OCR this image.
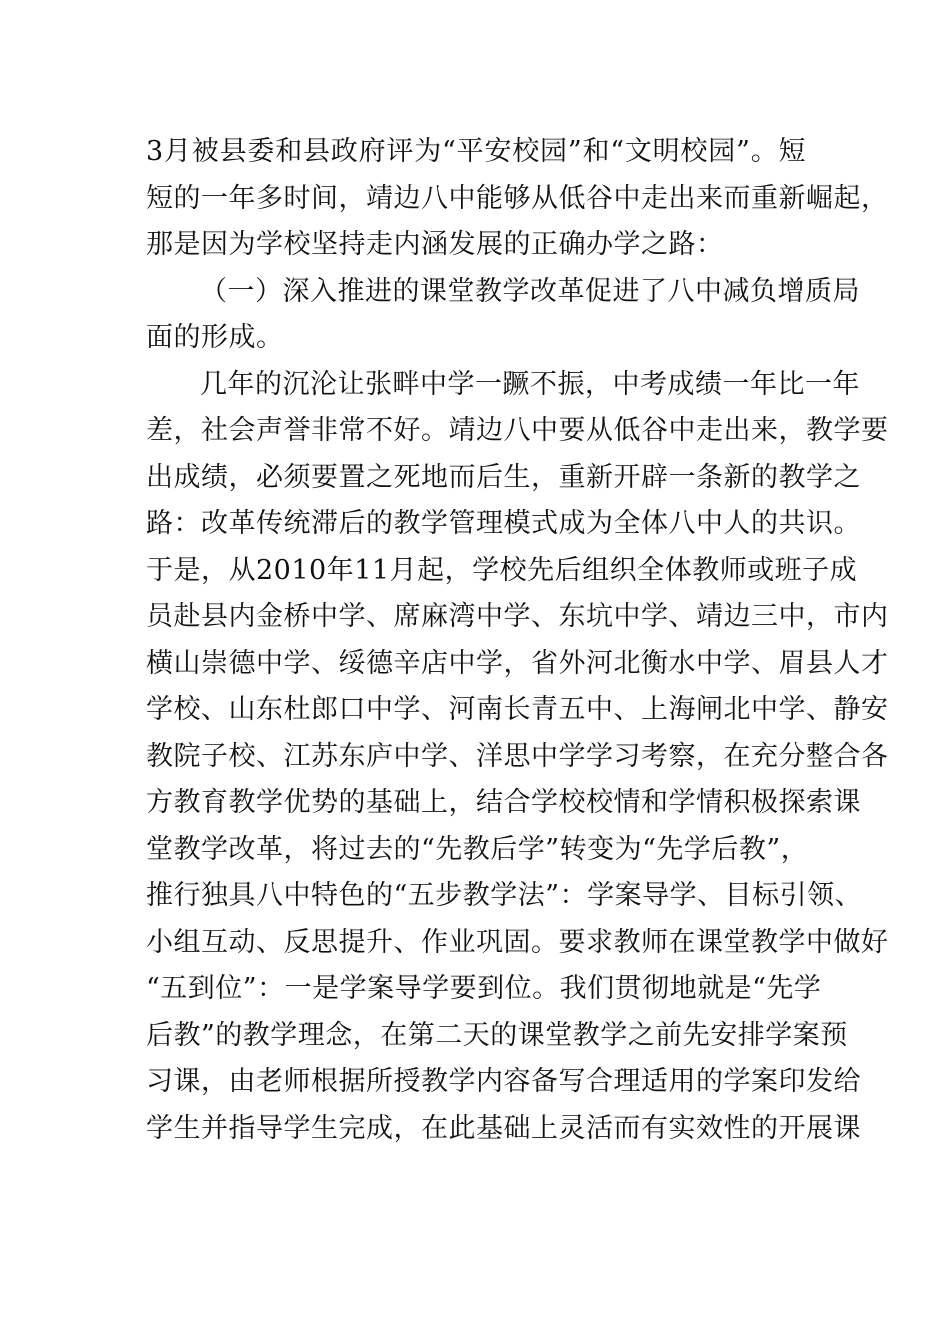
3月被县委和县政府评为“平安校园”和“文明校园”。短
短的一年多时间，靖边八中能够从低谷中走出来而重新崛起，
那是因为学校坚持走内涵发展的正确办学之路：
（一）深入推进的课堂教学改革促进了八中减负增质局
面的形成。
几年的沉沦让张畔中学一蹶不振，中考成绩一年比一年
差，社会声誉非常不好。靖边八中要从低谷中走出来，教学要
出成绩，必须要置之死地而后生，重新开辟一条新的教学之
路：改革传统滞后的教学管理模式成为全体八中人的共识。
于是，从2010年11月起，学校先后组织全体教师或班子成
员赴县内金桥中学、席麻湾中学、东坑中学、靖边三中，市内
横山崇德中学、绥德辛店中学，省外河北衡水中学、眉县人才
学校、山东杜郎口中学、河南长青五中、上海闸北中学、静安
教院子校、江苏东庐中学、洋思中学学习考察，在充分整合各
方教育教学优势的基础上，结合学校校情和学情积极探索课
堂教学改革，将过去的“先教后学”转变为“先学后教”，
推行独具八中特色的“五步教学法”：学案导学、目标引领、
小组互动、反思提升、作业巩固。要求教师在课堂教学中做好
“五到位”：一是学案导学要到位。我们贯彻地就是“先学
后教”的教学理念，在第二天的课堂教学之前先安排学案预
习课，由老师根据所授教学内容备写合理适用的学案印发给
学生并指导学生完成，在此基础上灵活而有实效性的开展课
